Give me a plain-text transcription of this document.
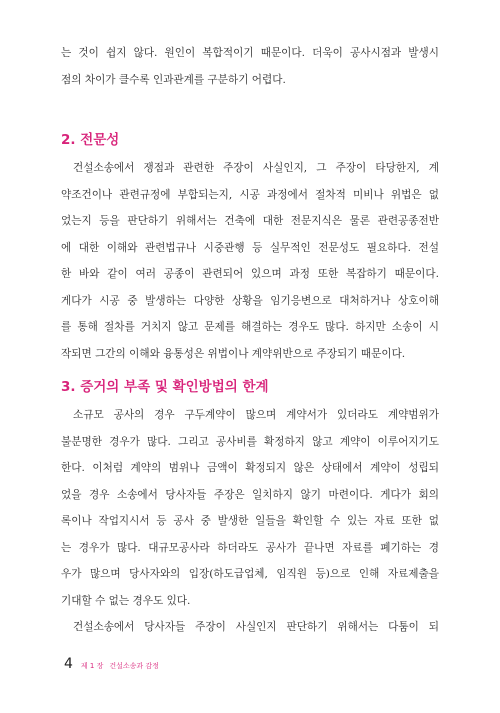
는 것이 쉽지 않다. 원인이 복합적이기 때문이다. 더욱이 공사시점과 발생시
점의 차이가 클수록 인과관계를 구분하기 어렵다.

2. 전문성

건설소송에서 쟁점과 관련한 주장이 사실인지, 그 주장이 타당한지, 계
약조건이나 관련규정에 부합되는지, 시공 과정에서 절차적 미비나 위법은 없
었는지 등을 판단하기 위해서는 건축에 대한 전문지식은 물론 관련공종전반
에 대한 이해와 관련법규나 시중관행 등 실무적인 전문성도 필요하다. 전설
한 바와 같이 여러 공종이 관련되어 있으며 과정 또한 복잡하기 때문이다.
게다가 시공 중 발생하는 다양한 상황을 임기응변으로 대처하거나 상호이해
를 통해 절차를 거치지 않고 문제를 해결하는 경우도 많다. 하지만 소송이 시
작되면 그간의 이해와 융통성은 위법이나 계약위반으로 주장되기 때문이다.

3. 증거의 부족 및 확인방법의 한계

소규모 공사의 경우 구두계약이 많으며 계약서가 있더라도 계약범위가
불분명한 경우가 많다. 그리고 공사비를 확정하지 않고 계약이 이루어지기도
한다. 이처럼 계약의 범위나 금액이 확정되지 않은 상태에서 계약이 성립되
었을 경우 소송에서 당사자들 주장은 일치하지 않기 마련이다. 게다가 회의
록이나 작업지시서 등 공사 중 발생한 일들을 확인할 수 있는 자료 또한 없
는 경우가 많다. 대규모공사라 하더라도 공사가 끝나면 자료를 폐기하는 경
우가 많으며 당사자와의 입장(하도급업체, 임직원 등)으로 인해 자료제출을
기대할 수 없는 경우도 있다.
건설소송에서 당사자들 주장이 사실인지 판단하기 위해서는 다툼이 되

4 제 1 장 건설소송과 감정
